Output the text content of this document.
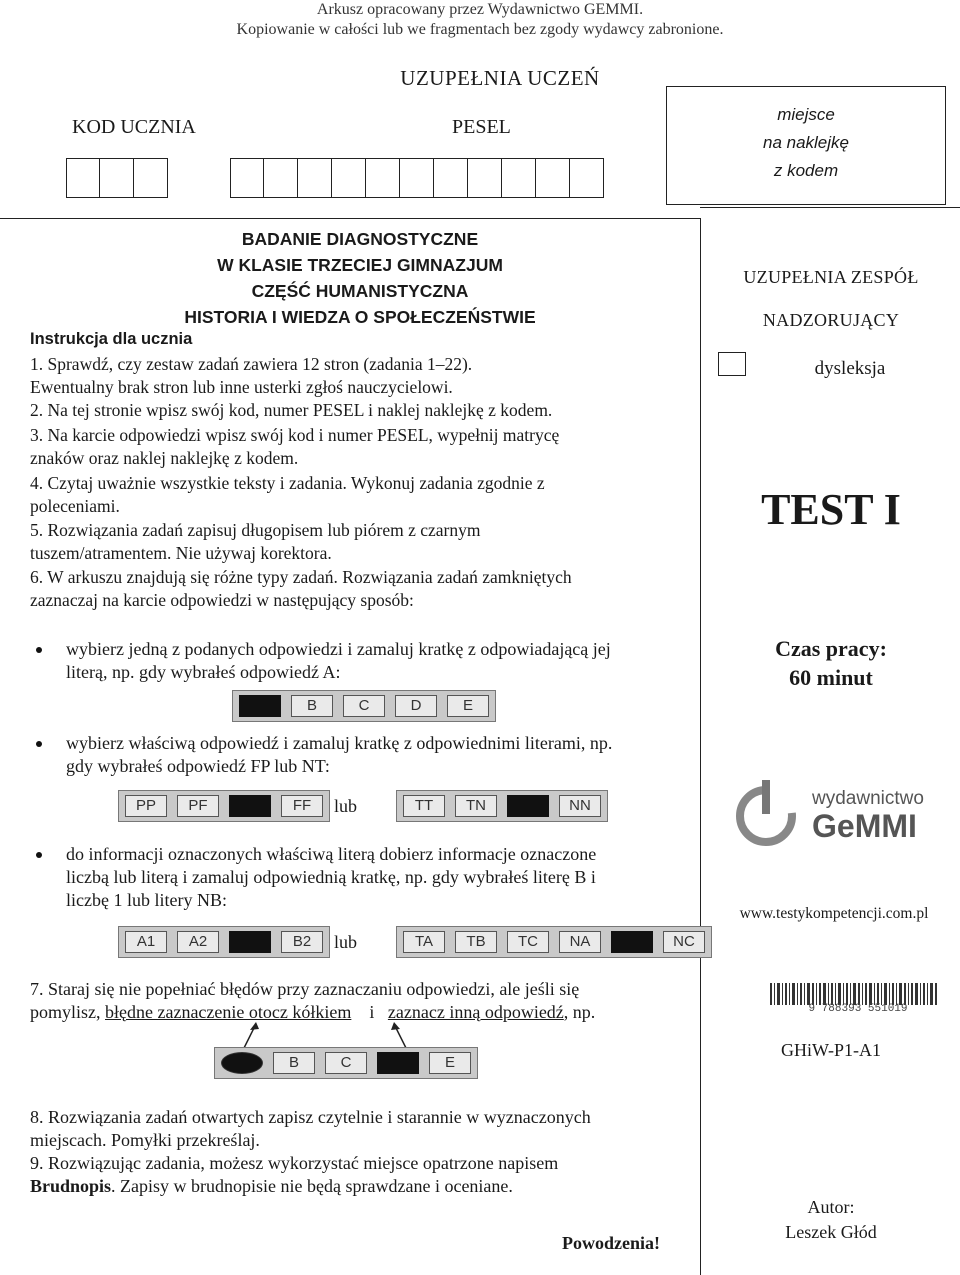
Arkusz opracowany przez Wydawnictwo GEMMI.
Kopiowanie w całości lub we fragmentach bez zgody wydawcy zabronione.
UZUPEŁNIA UCZEŃ
KOD UCZNIA	PESEL
miejsce
na naklejkę
z kodem
BADANIE DIAGNOSTYCZNE
W KLASIE TRZECIEJ GIMNAZJUM
CZĘŚĆ HUMANISTYCZNA
HISTORIA I WIEDZA O SPOŁECZEŃSTWIE
Instrukcja dla ucznia
1. Sprawdź, czy zestaw zadań zawiera 12 stron (zadania 1–22).
Ewentualny brak stron lub inne usterki zgłoś nauczycielowi.
2. Na tej stronie wpisz swój kod, numer PESEL i naklej naklejkę z kodem.
3. Na karcie odpowiedzi wpisz swój kod i numer PESEL, wypełnij matrycę
znaków oraz naklej naklejkę z kodem.
4. Czytaj uważnie wszystkie teksty i zadania. Wykonuj zadania zgodnie z
poleceniami.
5. Rozwiązania zadań zapisuj długopisem lub piórem z czarnym
tuszem/atramentem. Nie używaj korektora.
6. W arkuszu znajdują się różne typy zadań. Rozwiązania zadań zamkniętych
zaznaczaj na karcie odpowiedzi w następujący sposób:
wybierz jedną z podanych odpowiedzi i zamaluj kratkę z odpowiadającą jej
literą, np. gdy wybrałeś odpowiedź A:
B	C	D	E
wybierz właściwą odpowiedź i zamaluj kratkę z odpowiednimi literami, np.
gdy wybrałeś odpowiedź FP lub NT:
PP	PF	FF	lub	TT	TN	NN
do informacji oznaczonych właściwą literą dobierz informacje oznaczone
liczbą lub literą i zamaluj odpowiednią kratkę, np. gdy wybrałeś literę B i
liczbę 1 lub litery NB:
A1	A2	B2	lub	TA	TB	TC	NA	NC
7. Staraj się nie popełniać błędów przy zaznaczaniu odpowiedzi, ale jeśli się
pomylisz, błędne zaznaczenie otocz kółkiem i zaznacz inną odpowiedź, np.
B	C	E
8. Rozwiązania zadań otwartych zapisz czytelnie i starannie w wyznaczonych
miejscach. Pomyłki przekreślaj.
9. Rozwiązując zadania, możesz wykorzystać miejsce opatrzone napisem
Brudnopis. Zapisy w brudnopisie nie będą sprawdzane i oceniane.
Powodzenia!
UZUPEŁNIA ZESPÓŁ
NADZORUJĄCY
dysleksja
TEST I
Czas pracy:
60 minut
wydawnictwo
GeMMI
www.testykompetencji.com.pl
9 788393 551019
GHiW-P1-A1
Autor:
Leszek Głód
